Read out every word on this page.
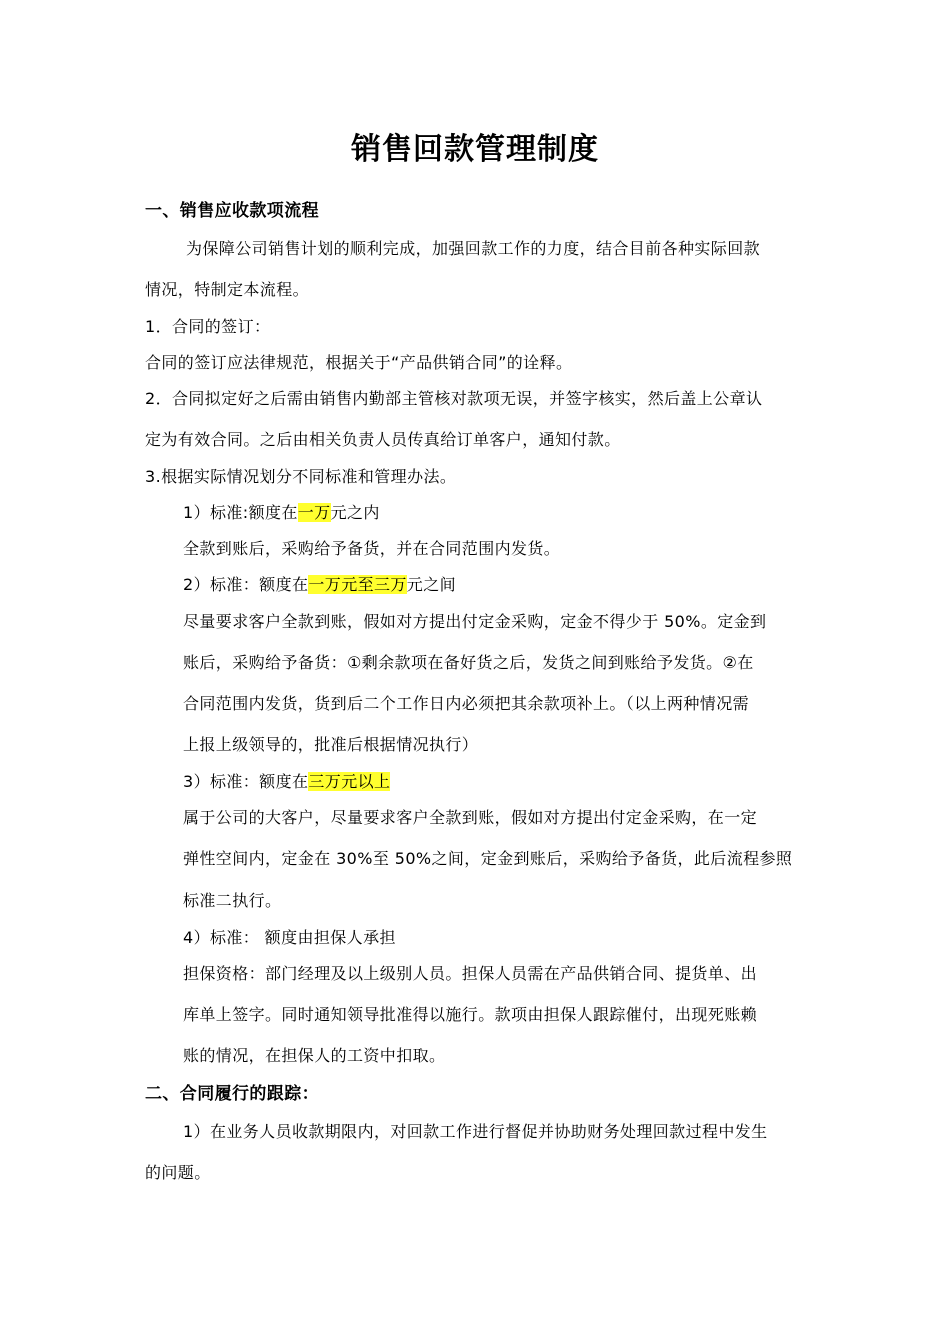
销售回款管理制度
一、销售应收款项流程
为保障公司销售计划的顺利完成，加强回款工作的力度，结合目前各种实际回款
情况，特制定本流程。
1．合同的签订：
合同的签订应法律规范，根据关于“产品供销合同”的诠释。
2．合同拟定好之后需由销售内勤部主管核对款项无误，并签字核实，然后盖上公章认
定为有效合同。之后由相关负责人员传真给订单客户，通知付款。
3.根据实际情况划分不同标准和管理办法。
1）标准:额度在一万元之内
全款到账后，采购给予备货，并在合同范围内发货。
2）标准：额度在一万元至三万元之间
尽量要求客户全款到账，假如对方提出付定金采购，定金不得少于 50%。定金到
账后，采购给予备货：①剩余款项在备好货之后，发货之间到账给予发货。②在
合同范围内发货，货到后二个工作日内必须把其余款项补上。（以上两种情况需
上报上级领导的，批准后根据情况执行）
3）标准：额度在三万元以上
属于公司的大客户，尽量要求客户全款到账，假如对方提出付定金采购，在一定
弹性空间内，定金在 30%至 50%之间，定金到账后，采购给予备货，此后流程参照
标准二执行。
4）标准： 额度由担保人承担
担保资格：部门经理及以上级别人员。担保人员需在产品供销合同、提货单、出
库单上签字。同时通知领导批准得以施行。款项由担保人跟踪催付，出现死账赖
账的情况，在担保人的工资中扣取。
二、合同履行的跟踪：
1）在业务人员收款期限内，对回款工作进行督促并协助财务处理回款过程中发生
的问题。
